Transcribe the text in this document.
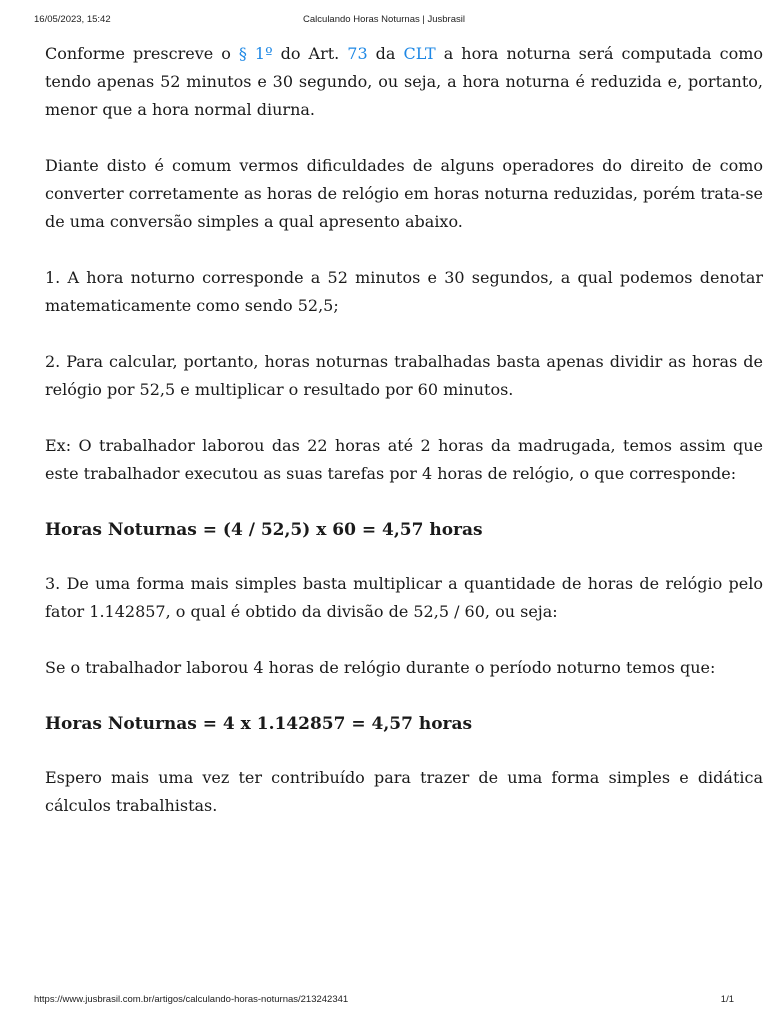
16/05/2023, 15:42	Calculando Horas Noturnas | Jusbrasil

Conforme prescreve o § 1º do Art. 73 da CLT a hora noturna será computada como tendo apenas 52 minutos e 30 segundo, ou seja, a hora noturna é reduzida e, portanto, menor que a hora normal diurna.

Diante disto é comum vermos dificuldades de alguns operadores do direito de como converter corretamente as horas de relógio em horas noturna reduzidas, porém trata-se de uma conversão simples a qual apresento abaixo.

1. A hora noturno corresponde a 52 minutos e 30 segundos, a qual podemos denotar matematicamente como sendo 52,5;

2. Para calcular, portanto, horas noturnas trabalhadas basta apenas dividir as horas de relógio por 52,5 e multiplicar o resultado por 60 minutos.

Ex: O trabalhador laborou das 22 horas até 2 horas da madrugada, temos assim que este trabalhador executou as suas tarefas por 4 horas de relógio, o que corresponde:

Horas Noturnas = (4 / 52,5) x 60 = 4,57 horas

3. De uma forma mais simples basta multiplicar a quantidade de horas de relógio pelo fator 1.142857, o qual é obtido da divisão de 52,5 / 60, ou seja:

Se o trabalhador laborou 4 horas de relógio durante o período noturno temos que:

Horas Noturnas = 4 x 1.142857 = 4,57 horas

Espero mais uma vez ter contribuído para trazer de uma forma simples e didática cálculos trabalhistas.

https://www.jusbrasil.com.br/artigos/calculando-horas-noturnas/213242341	1/1
